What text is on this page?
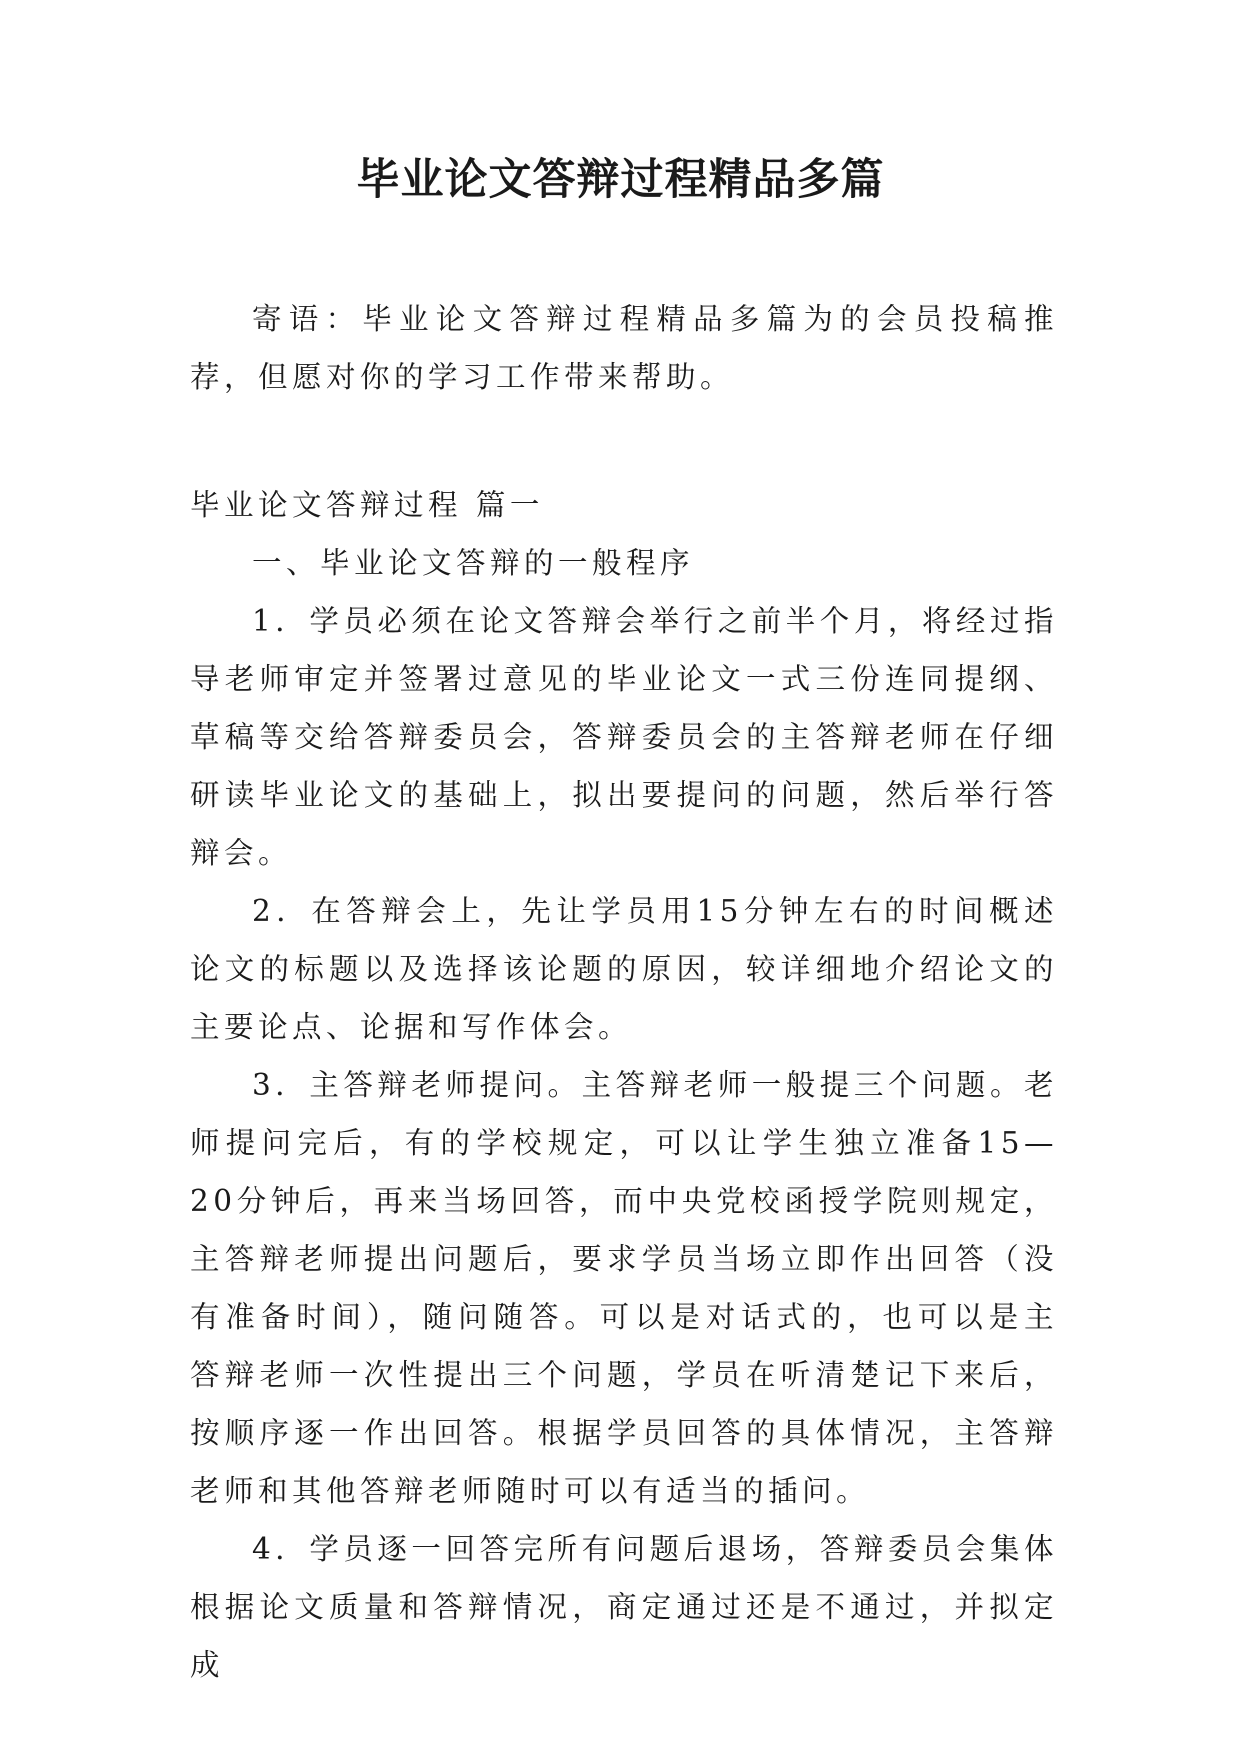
毕业论文答辩过程精品多篇

寄语：毕业论文答辩过程精品多篇为的会员投稿推荐，但愿对你的学习工作带来帮助。

毕业论文答辩过程 篇一

一、毕业论文答辩的一般程序

1．学员必须在论文答辩会举行之前半个月，将经过指导老师审定并签署过意见的毕业论文一式三份连同提纲、草稿等交给答辩委员会，答辩委员会的主答辩老师在仔细研读毕业论文的基础上，拟出要提问的问题，然后举行答辩会。

2．在答辩会上，先让学员用15分钟左右的时间概述论文的标题以及选择该论题的原因，较详细地介绍论文的主要论点、论据和写作体会。

3．主答辩老师提问。主答辩老师一般提三个问题。老师提问完后，有的学校规定，可以让学生独立准备15—20分钟后，再来当场回答，而中央党校函授学院则规定，主答辩老师提出问题后，要求学员当场立即作出回答（没有准备时间），随问随答。可以是对话式的，也可以是主答辩老师一次性提出三个问题，学员在听清楚记下来后，按顺序逐一作出回答。根据学员回答的具体情况，主答辩老师和其他答辩老师随时可以有适当的插问。

4．学员逐一回答完所有问题后退场，答辩委员会集体根据论文质量和答辩情况，商定通过还是不通过，并拟定成
